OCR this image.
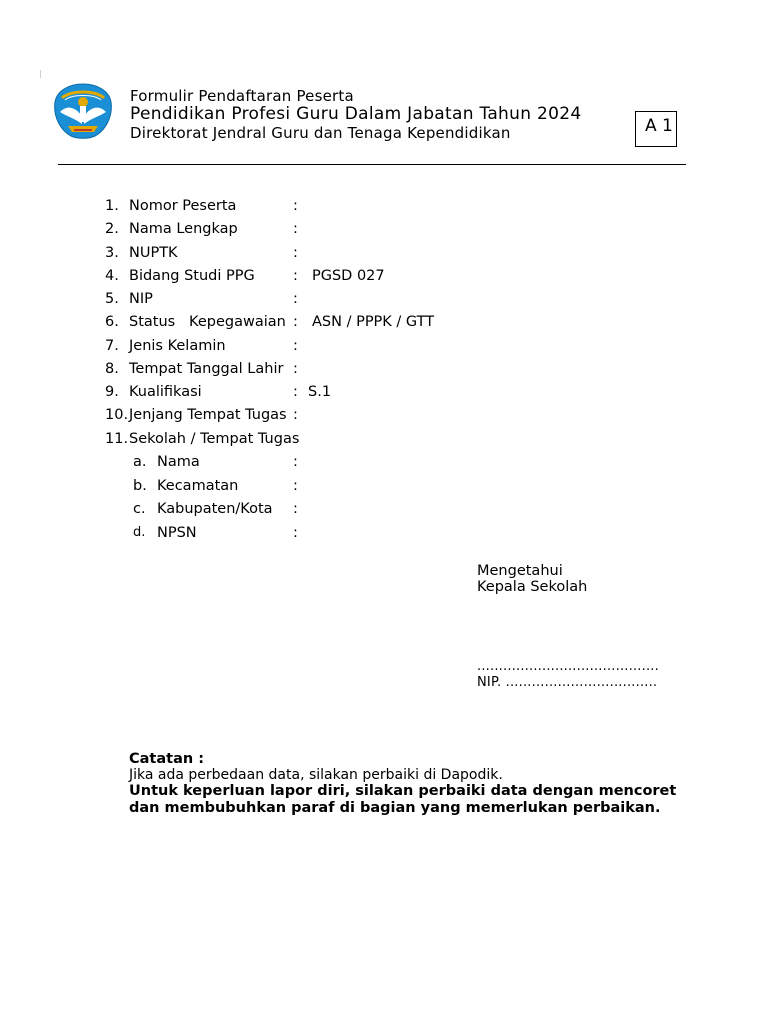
Formulir Pendaftaran Peserta
Pendidikan Profesi Guru Dalam Jabatan Tahun 2024
Direktorat Jendral Guru dan Tenaga Kependidikan	A 1
1. Nomor Peserta	:
2. Nama Lengkap	:
3. NUPTK	:
4. Bidang Studi PPG	: PGSD 027
5. NIP	:
6. Status   Kepegawaian : ASN / PPPK / GTT
7. Jenis Kelamin	:
8. Tempat Tanggal Lahir :
9. Kualifikasi	: S.1
10. Jenjang Tempat Tugas :
11. Sekolah / Tempat Tugas
a. Nama	:
b. Kecamatan	:
c. Kabupaten/Kota :
d. NPSN	:
Mengetahui
Kepala Sekolah
..........................................
NIP. ...................................
Catatan :
Jika ada perbedaan data, silakan perbaiki di Dapodik.
Untuk keperluan lapor diri, silakan perbaiki data dengan mencoret
dan membubuhkan paraf di bagian yang memerlukan perbaikan.
